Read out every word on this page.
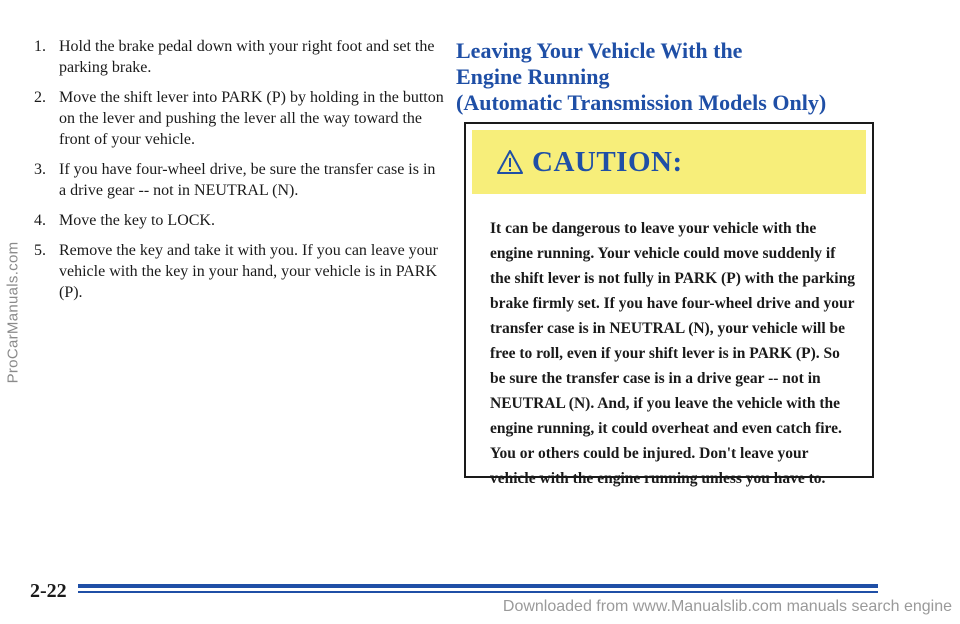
ProCarManuals.com
1. Hold the brake pedal down with your right foot and set the parking brake.
2. Move the shift lever into PARK (P) by holding in the button on the lever and pushing the lever all the way toward the front of your vehicle.
3. If you have four-wheel drive, be sure the transfer case is in a drive gear -- not in NEUTRAL (N).
4. Move the key to LOCK.
5. Remove the key and take it with you. If you can leave your vehicle with the key in your hand, your vehicle is in PARK (P).
Leaving Your Vehicle With the
Engine Running
(Automatic Transmission Models Only)
CAUTION:

It can be dangerous to leave your vehicle with the engine running. Your vehicle could move suddenly if the shift lever is not fully in PARK (P) with the parking brake firmly set. If you have four-wheel drive and your transfer case is in NEUTRAL (N), your vehicle will be free to roll, even if your shift lever is in PARK (P). So be sure the transfer case is in a drive gear -- not in NEUTRAL (N). And, if you leave the vehicle with the engine running, it could overheat and even catch fire. You or others could be injured. Don't leave your vehicle with the engine running unless you have to.

2-22
Downloaded from www.Manualslib.com manuals search engine
